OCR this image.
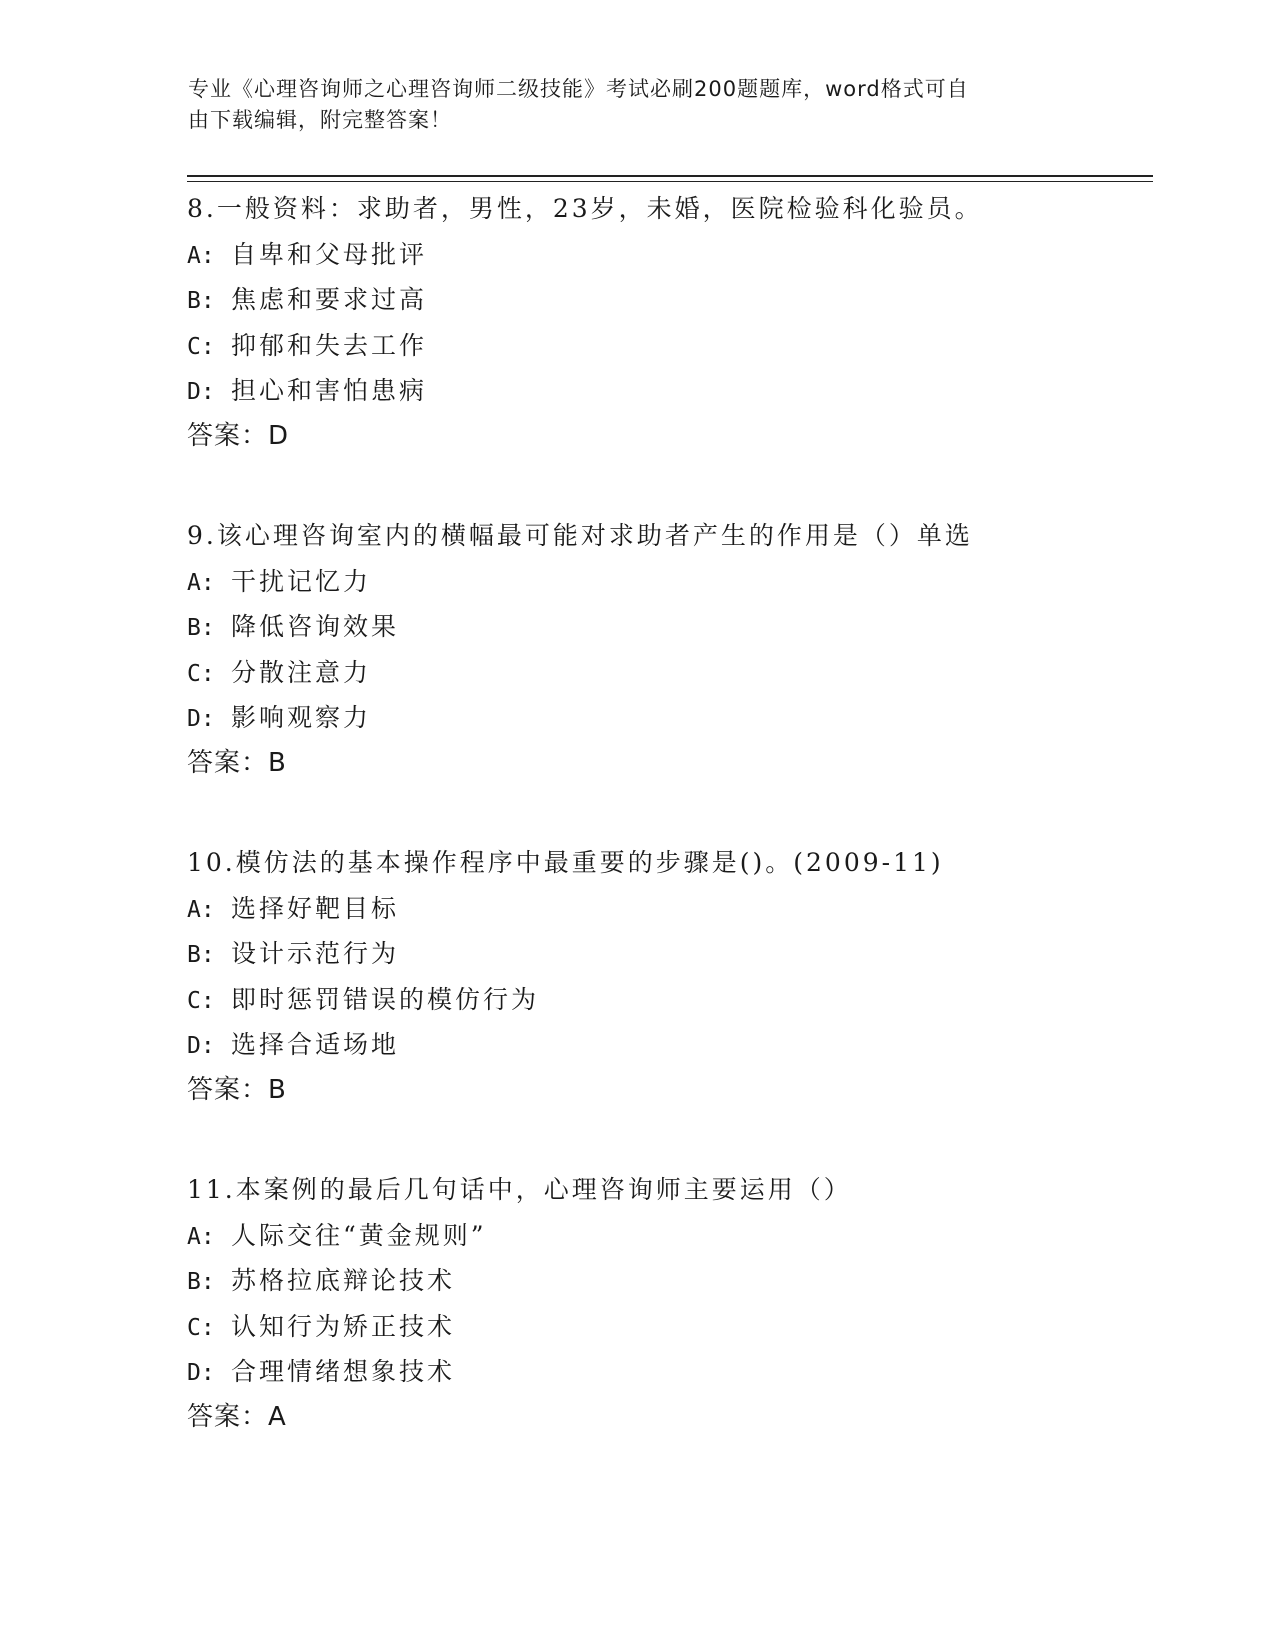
专业《心理咨询师之心理咨询师二级技能》考试必刷200题题库，word格式可自
由下载编辑，附完整答案！
8.一般资料：求助者，男性，23岁，未婚，医院检验科化验员。
A: 自卑和父母批评
B: 焦虑和要求过高
C: 抑郁和失去工作
D: 担心和害怕患病
答案：D
9.该心理咨询室内的横幅最可能对求助者产生的作用是（）单选
A: 干扰记忆力
B: 降低咨询效果
C: 分散注意力
D: 影响观察力
答案：B
10.模仿法的基本操作程序中最重要的步骤是()。(2009-11)
A: 选择好靶目标
B: 设计示范行为
C: 即时惩罚错误的模仿行为
D: 选择合适场地
答案：B
11.本案例的最后几句话中，心理咨询师主要运用（）
A: 人际交往“黄金规则”
B: 苏格拉底辩论技术
C: 认知行为矫正技术
D: 合理情绪想象技术
答案：A
